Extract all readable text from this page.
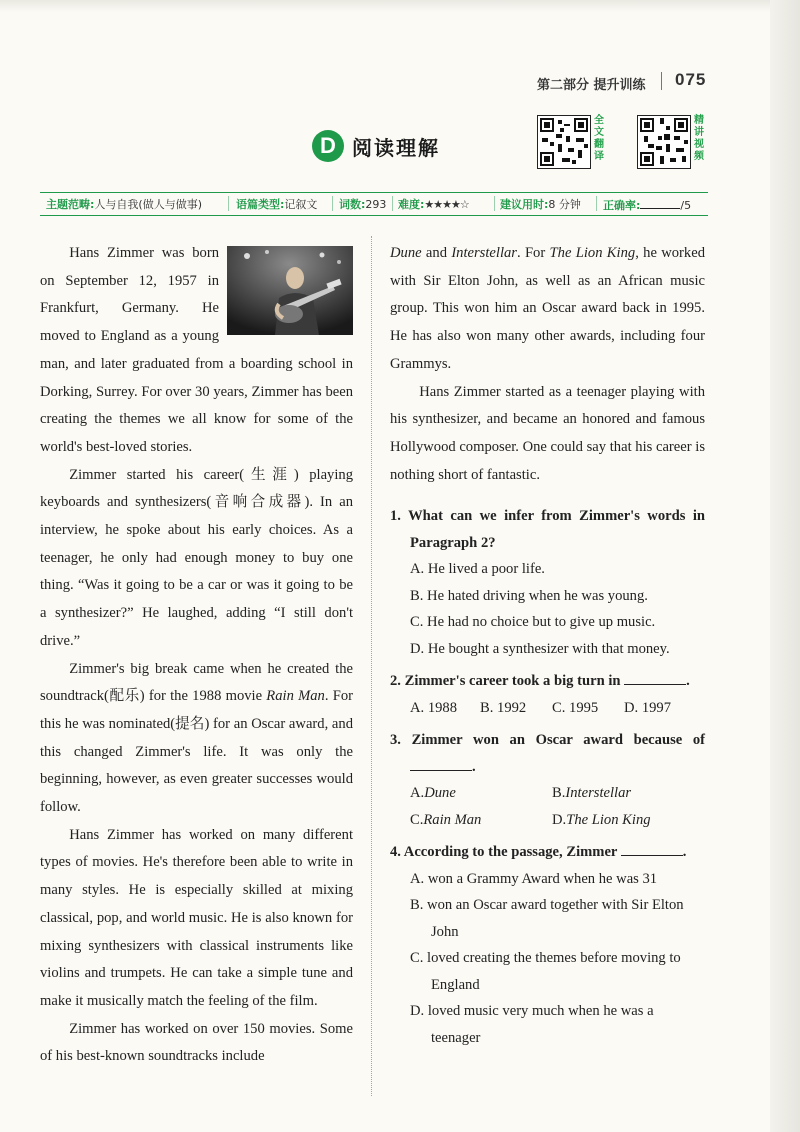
第二部分 提升训练 075
D 阅读理解
全文翻译
精讲视频
主题范畴:人与自我(做人与做事)	语篇类型:记叙文 词数:293 难度:★★★★☆	建议用时:8 分钟 正确率:	/5

Hans Zimmer was born on September 12, 1957 in Frankfurt, Germany. He moved to England as a young man, and later graduated from a boarding school in Dorking, Surrey. For over 30 years, Zimmer has been creating the themes we all know for some of the world's best-loved stories.

Zimmer started his career(生涯) playing keyboards and synthesizers(音响合成器). In an interview, he spoke about his early choices. As a teenager, he only had enough money to buy one thing. “Was it going to be a car or was it going to be a synthesizer?” He laughed, adding “I still don't drive.”

Zimmer's big break came when he created the soundtrack(配乐) for the 1988 movie Rain Man. For this he was nominated(提名) for an Oscar award, and this changed Zimmer's life. It was only the beginning, however, as even greater successes would follow.

Hans Zimmer has worked on many different types of movies. He's therefore been able to write in many styles. He is especially skilled at mixing classical, pop, and world music. He is also known for mixing synthesizers with classical instruments like violins and trumpets. He can take a simple tune and make it musically match the feeling of the film.

Zimmer has worked on over 150 movies. Some of his best-known soundtracks include

Dune and Interstellar. For The Lion King, he worked with Sir Elton John, as well as an African music group. This won him an Oscar award back in 1995. He has also won many other awards, including four Grammys.

Hans Zimmer started as a teenager playing with his synthesizer, and became an honored and famous Hollywood composer. One could say that his career is nothing short of fantastic.

1. What can we infer from Zimmer's words in Paragraph 2?

A. He lived a poor life.

B. He hated driving when he was young.

C. He had no choice but to give up music.

D. He bought a synthesizer with that money.

2. Zimmer's career took a big turn in	.

A. 1988 B. 1992 C. 1995 D. 1997

3. Zimmer won an Oscar award because of .

A.Dune	B.Interstellar

C.Rain Man	D.The Lion King

4. According to the passage, Zimmer	.

A. won a Grammy Award when he was 31

B. won an Oscar award together with Sir Elton John

C. loved creating the themes before moving to England

D. loved music very much when he was a teenager
